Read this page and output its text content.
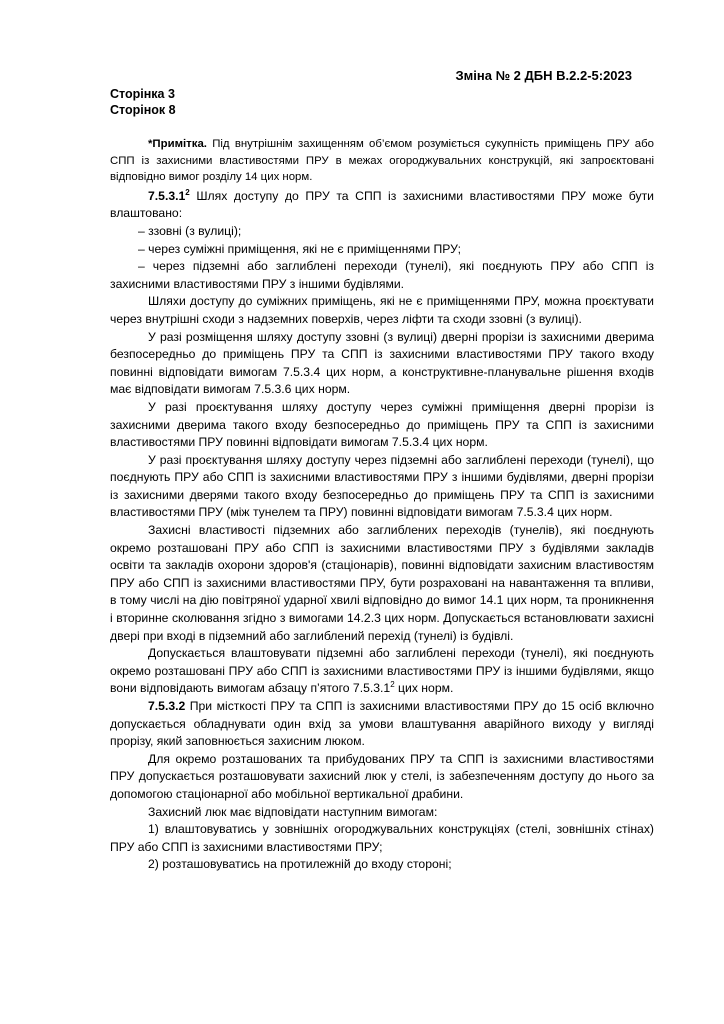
Зміна № 2 ДБН В.2.2-5:2023
Сторінка 3
Сторінок 8

*Примітка. Під внутрішнім захищенням об’ємом розуміється сукупність приміщень ПРУ або СПП із захисними властивостями ПРУ в межах огороджувальних конструкцій, які запроєктовані відповідно вимог розділу 14 цих норм.

7.5.3.1$^2$ Шлях доступу до ПРУ та СПП із захисними властивостями ПРУ може бути влаштовано:

– ззовні (з вулиці);

– через суміжні приміщення, які не є приміщеннями ПРУ;

– через підземні або заглиблені переходи (тунелі), які поєднують ПРУ або СПП із захисними властивостями ПРУ з іншими будівлями.

Шляхи доступу до суміжних приміщень, які не є приміщеннями ПРУ, можна проєктувати через внутрішні сходи з надземних поверхів, через ліфти та сходи ззовні (з вулиці).

У разі розміщення шляху доступу ззовні (з вулиці) дверні прорізи із захисними дверима безпосередньо до приміщень ПРУ та СПП із захисними властивостями ПРУ такого входу повинні відповідати вимогам 7.5.3.4 цих норм, а конструктивне-планувальне рішення входів має відповідати вимогам 7.5.3.6 цих норм.

У разі проєктування шляху доступу через суміжні приміщення дверні прорізи із захисними дверима такого входу безпосередньо до приміщень ПРУ та СПП із захисними властивостями ПРУ повинні відповідати вимогам 7.5.3.4 цих норм.

У разі проєктування шляху доступу через підземні або заглиблені переходи (тунелі), що поєднують ПРУ або СПП із захисними властивостями ПРУ з іншими будівлями, дверні прорізи із захисними дверями такого входу безпосередньо до приміщень ПРУ та СПП із захисними властивостями ПРУ (між тунелем та ПРУ) повинні відповідати вимогам 7.5.3.4 цих норм.

Захисні властивості підземних або заглиблених переходів (тунелів), які поєднують окремо розташовані ПРУ або СПП із захисними властивостями ПРУ з будівлями закладів освіти та закладів охорони здоров'я (стаціонарів), повинні відповідати захисним властивостям ПРУ або СПП із захисними властивостями ПРУ, бути розраховані на навантаження та впливи, в тому числі на дію повітряної ударної хвилі відповідно до вимог 14.1 цих норм, та проникнення і вторинне сколювання згідно з вимогами 14.2.3 цих норм. Допускається встановлювати захисні двері при вході в підземний або заглиблений перехід (тунелі) із будівлі.

Допускається влаштовувати підземні або заглиблені переходи (тунелі), які поєднують окремо розташовані ПРУ або СПП із захисними властивостями ПРУ із іншими будівлями, якщо вони відповідають вимогам абзацу п’ятого 7.5.3.1$^2$ цих норм.

7.5.3.2 При місткості ПРУ та СПП із захисними властивостями ПРУ до 15 осіб включно допускається обладнувати один вхід за умови влаштування аварійного виходу у вигляді прорізу, який заповнюється захисним люком.

Для окремо розташованих та прибудованих ПРУ та СПП із захисними властивостями ПРУ допускається розташовувати захисний люк у стелі, із забезпеченням доступу до нього за допомогою стаціонарної або мобільної вертикальної драбини.

Захисний люк має відповідати наступним вимогам:

1) влаштовуватись у зовнішніх огороджувальних конструкціях (стелі, зовнішніх стінах) ПРУ або СПП із захисними властивостями ПРУ;

2) розташовуватись на протилежній до входу стороні;
